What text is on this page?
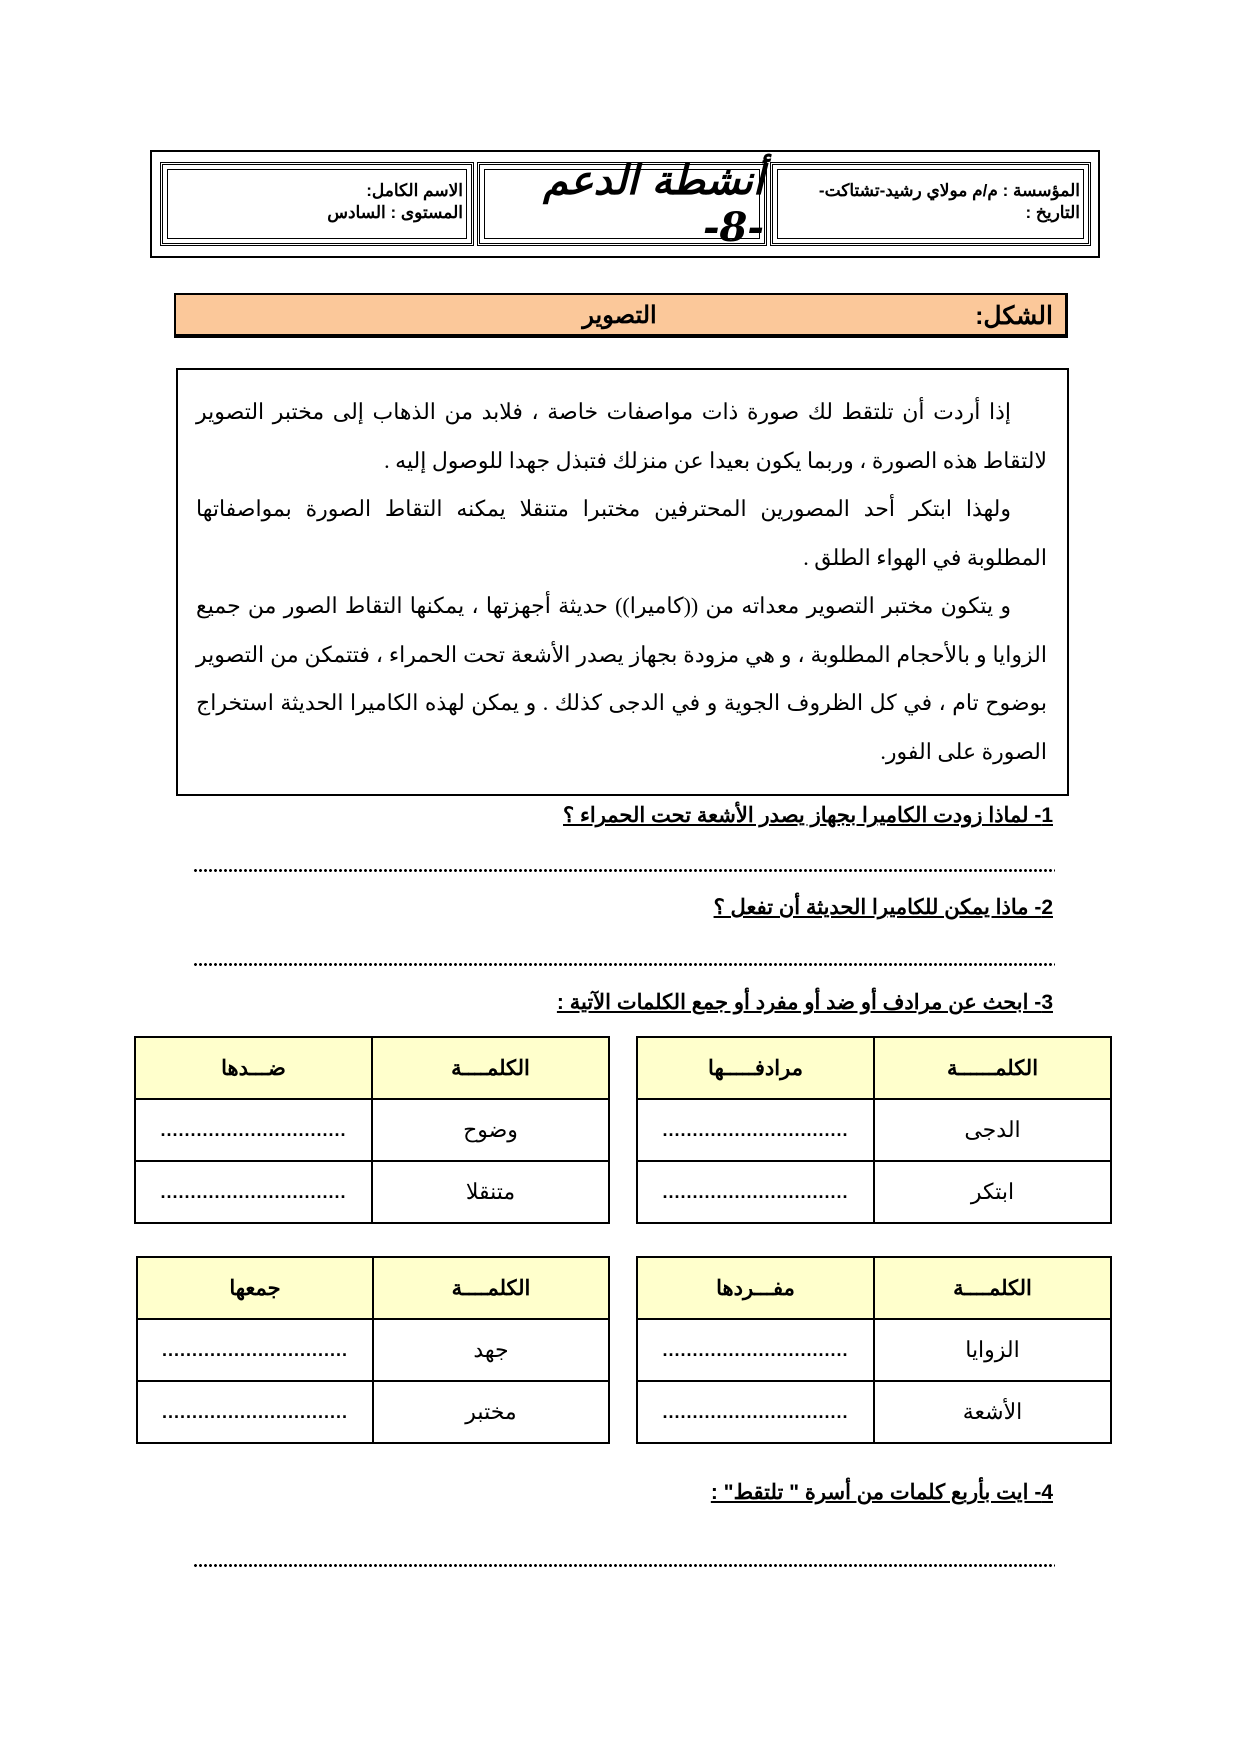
المؤسسة : م/م مولاي رشيد-تشتاكت-
التاريخ :
أنشطة الدعم -8-
الاسم الكامل:
المستوى : السادس
الشكل:
التصوير

إذا أردت أن تلتقط لك صورة ذات مواصفات خاصة ، فلابد من الذهاب إلى مختبر التصوير لالتقاط هذه الصورة ، وربما يكون بعيدا عن منزلك فتبذل جهدا للوصول إليه .

ولهذا ابتكر أحد المصورين المحترفين مختبرا متنقلا يمكنه التقاط الصورة بمواصفاتها المطلوبة في الهواء الطلق .

و يتكون مختبر التصوير معداته من ((كاميرا)) حديثة أجهزتها ، يمكنها التقاط الصور من جميع الزوايا و بالأحجام المطلوبة ، و هي مزودة بجهاز يصدر الأشعة تحت الحمراء ، فتتمكن من التصوير بوضوح تام ، في كل الظروف الجوية و في الدجى كذلك . و يمكن لهذه الكاميرا الحديثة استخراج الصورة على الفور.

1- لماذا زودت الكاميرا بجهاز يصدر الأشعة تحت الحمراء ؟
2- ماذا يمكن للكاميرا الحديثة أن تفعل ؟
3- ابحث عن مرادف أو ضد أو مفرد أو جمع الكلمات الآتية :
الكلمــــــة	مرادفـــــها
الدجى	...............................
ابتكر	...............................
الكلمــــة	ضـــدها
وضوح	...............................
متنقلا	...............................
الكلمــــة	مفـــردها
الزوايا	...............................
الأشعة	...............................
الكلمــــة	جمعها
جهد	...............................
مختبر	...............................
4- ايت بأربع كلمات من أسرة " تلتقط" :
